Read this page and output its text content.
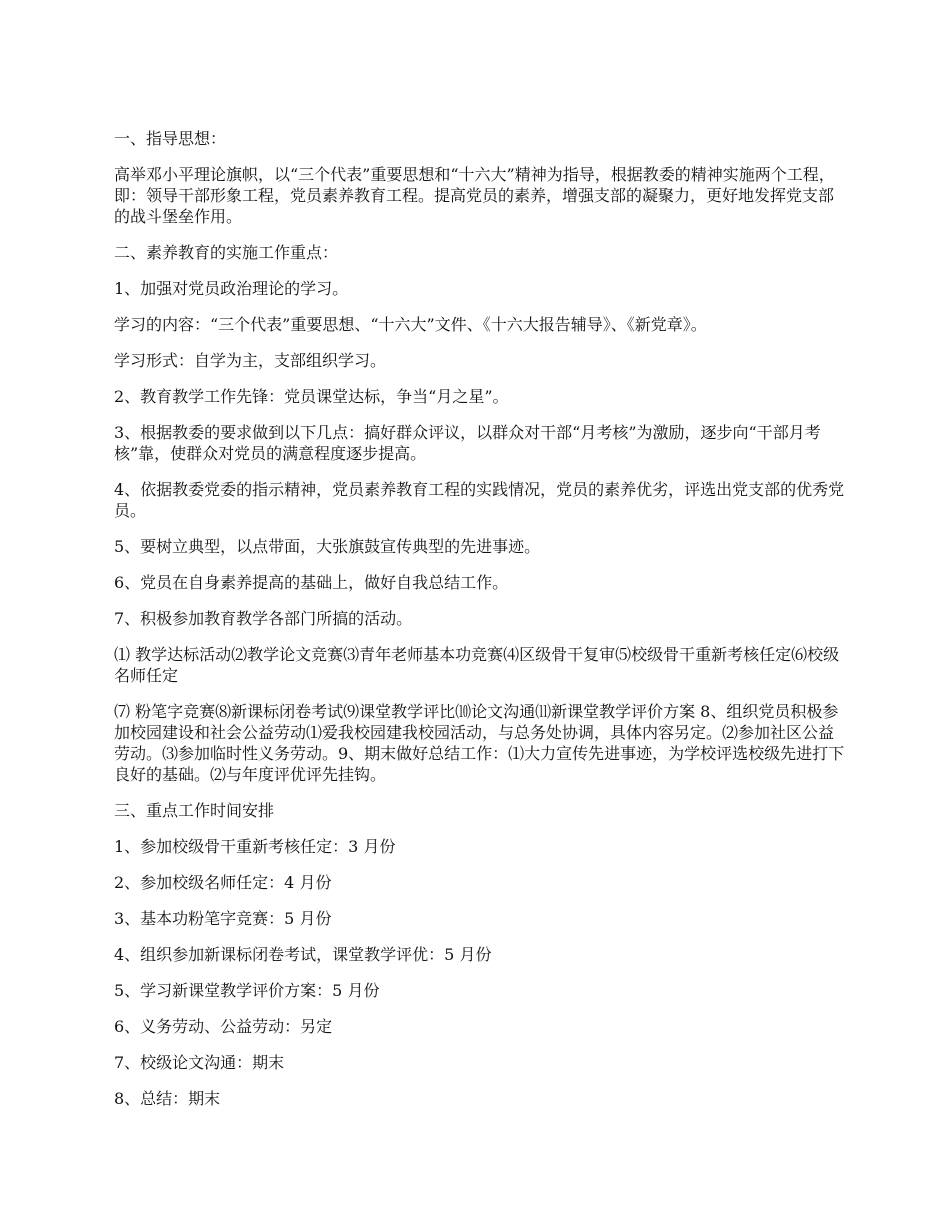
一、指导思想：

高举邓小平理论旗帜，以“三个代表”重要思想和“十六大”精神为指导，根据教委的精神实施两个工程，即：领导干部形象工程，党员素养教育工程。提高党员的素养，增强支部的凝聚力，更好地发挥党支部的战斗堡垒作用。

二、素养教育的实施工作重点：

1、加强对党员政治理论的学习。

学习的内容：“三个代表”重要思想、“十六大”文件、《十六大报告辅导》、《新党章》。

学习形式：自学为主，支部组织学习。

2、教育教学工作先锋：党员课堂达标，争当“月之星”。

3、根据教委的要求做到以下几点：搞好群众评议，以群众对干部“月考核”为激励，逐步向“干部月考核”靠，使群众对党员的满意程度逐步提高。

4、依据教委党委的指示精神，党员素养教育工程的实践情况，党员的素养优劣，评选出党支部的优秀党员。

5、要树立典型，以点带面，大张旗鼓宣传典型的先进事迹。

6、党员在自身素养提高的基础上，做好自我总结工作。

7、积极参加教育教学各部门所搞的活动。

⑴ 教学达标活动⑵教学论文竞赛⑶青年老师基本功竞赛⑷区级骨干复审⑸校级骨干重新考核任定⑹校级名师任定

⑺ 粉笔字竞赛⑻新课标闭卷考试⑼课堂教学评比⑽论文沟通⑾新课堂教学评价方案 8、组织党员积极参加校园建设和社会公益劳动⑴爱我校园建我校园活动，与总务处协调，具体内容另定。⑵参加社区公益劳动。⑶参加临时性义务劳动。9、期末做好总结工作：⑴大力宣传先进事迹，为学校评选校级先进打下良好的基础。⑵与年度评优评先挂钩。

三、重点工作时间安排

1、参加校级骨干重新考核任定：3 月份

2、参加校级名师任定：4 月份

3、基本功粉笔字竞赛：5 月份

4、组织参加新课标闭卷考试，课堂教学评优：5 月份

5、学习新课堂教学评价方案：5 月份

6、义务劳动、公益劳动：另定

7、校级论文沟通：期末

8、总结：期末
